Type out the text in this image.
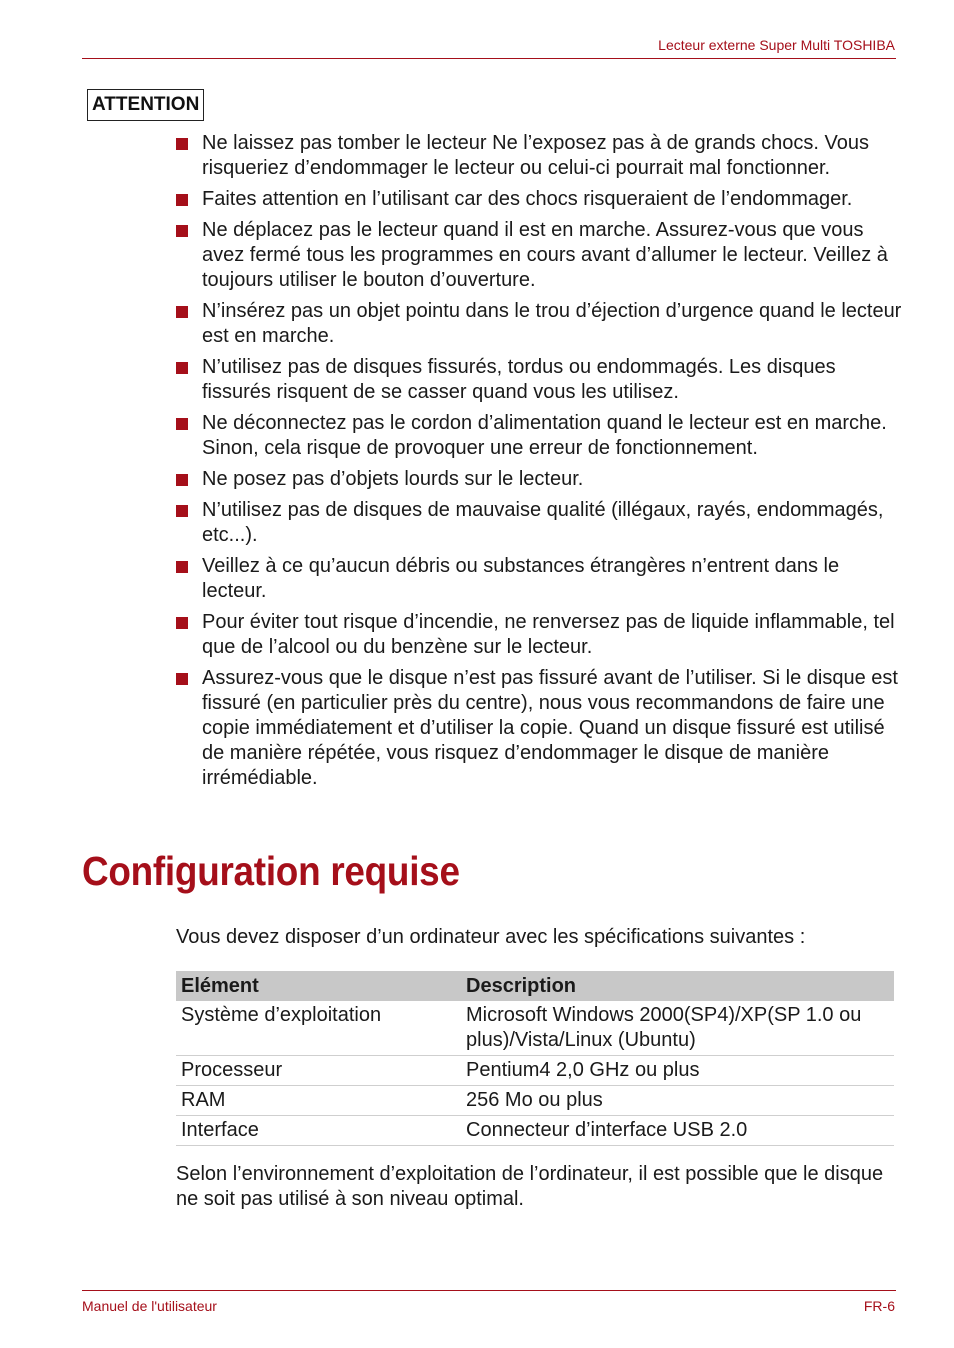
Lecteur externe Super Multi TOSHIBA
ATTENTION
Ne laissez pas tomber le lecteur Ne l’exposez pas à de grands chocs. Vous risqueriez d’endommager le lecteur ou celui-ci pourrait mal fonctionner.
Faites attention en l’utilisant car des chocs risqueraient de l’endommager.
Ne déplacez pas le lecteur quand il est en marche. Assurez-vous que vous avez fermé tous les programmes en cours avant d’allumer le lecteur. Veillez à toujours utiliser le bouton d’ouverture.
N’insérez pas un objet pointu dans le trou d’éjection d’urgence quand le lecteur est en marche.
N’utilisez pas de disques fissurés, tordus ou endommagés. Les disques fissurés risquent de se casser quand vous les utilisez.
Ne déconnectez pas le cordon d’alimentation quand le lecteur est en marche. Sinon, cela risque de provoquer une erreur de fonctionnement.
Ne posez pas d’objets lourds sur le lecteur.
N’utilisez pas de disques de mauvaise qualité (illégaux, rayés, endommagés, etc...).
Veillez à ce qu’aucun débris ou substances étrangères n’entrent dans le lecteur.
Pour éviter tout risque d’incendie, ne renversez pas de liquide inflammable, tel que de l’alcool ou du benzène sur le lecteur.
Assurez-vous que le disque n’est pas fissuré avant de l’utiliser. Si le disque est fissuré (en particulier près du centre), nous vous recommandons de faire une copie immédiatement et d’utiliser la copie. Quand un disque fissuré est utilisé de manière répétée, vous risquez d’endommager le disque de manière irrémédiable.
Configuration requise

Vous devez disposer d’un ordinateur avec les spécifications suivantes :

Elément	Description
Système d’exploitation	Microsoft Windows 2000(SP4)/XP(SP 1.0 ou plus)/Vista/Linux (Ubuntu)
Processeur	Pentium4 2,0 GHz ou plus
RAM	256 Mo ou plus
Interface	Connecteur d’interface USB 2.0

Selon l’environnement d’exploitation de l’ordinateur, il est possible que le disque ne soit pas utilisé à son niveau optimal.

Manuel de l'utilisateur	FR-6
